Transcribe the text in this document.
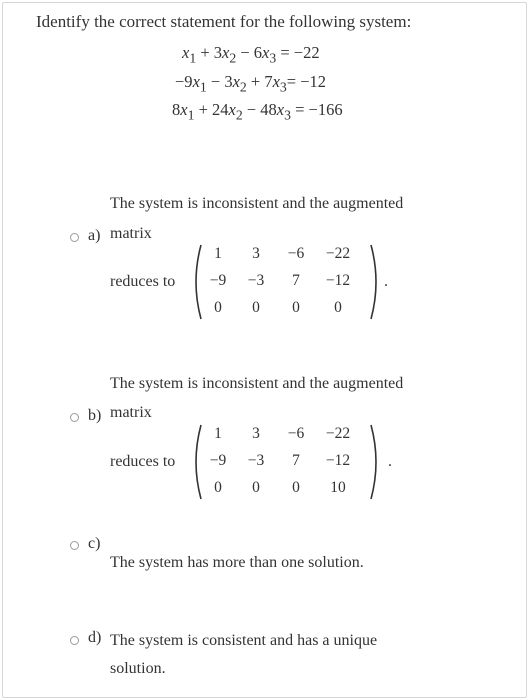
Identify the correct statement for the following system:
$x_1 + 3x_2 - 6x_3 = -22$
$-9x_1 - 3x_2 + 7x_3= -12$
$8x_1 + 24x_2 - 48x_3 = -166$
The system is inconsistent and the augmented
a) matrix
reduces to
1	3	−6	−22
−9	−3	7	−12
0	0	0	0
.
The system is inconsistent and the augmented
b) matrix
reduces to
1	3	−6	−22
−9	−3	7	−12
0	0	0	10
.
c)
The system has more than one solution.
d) The system is consistent and has a unique
solution.
